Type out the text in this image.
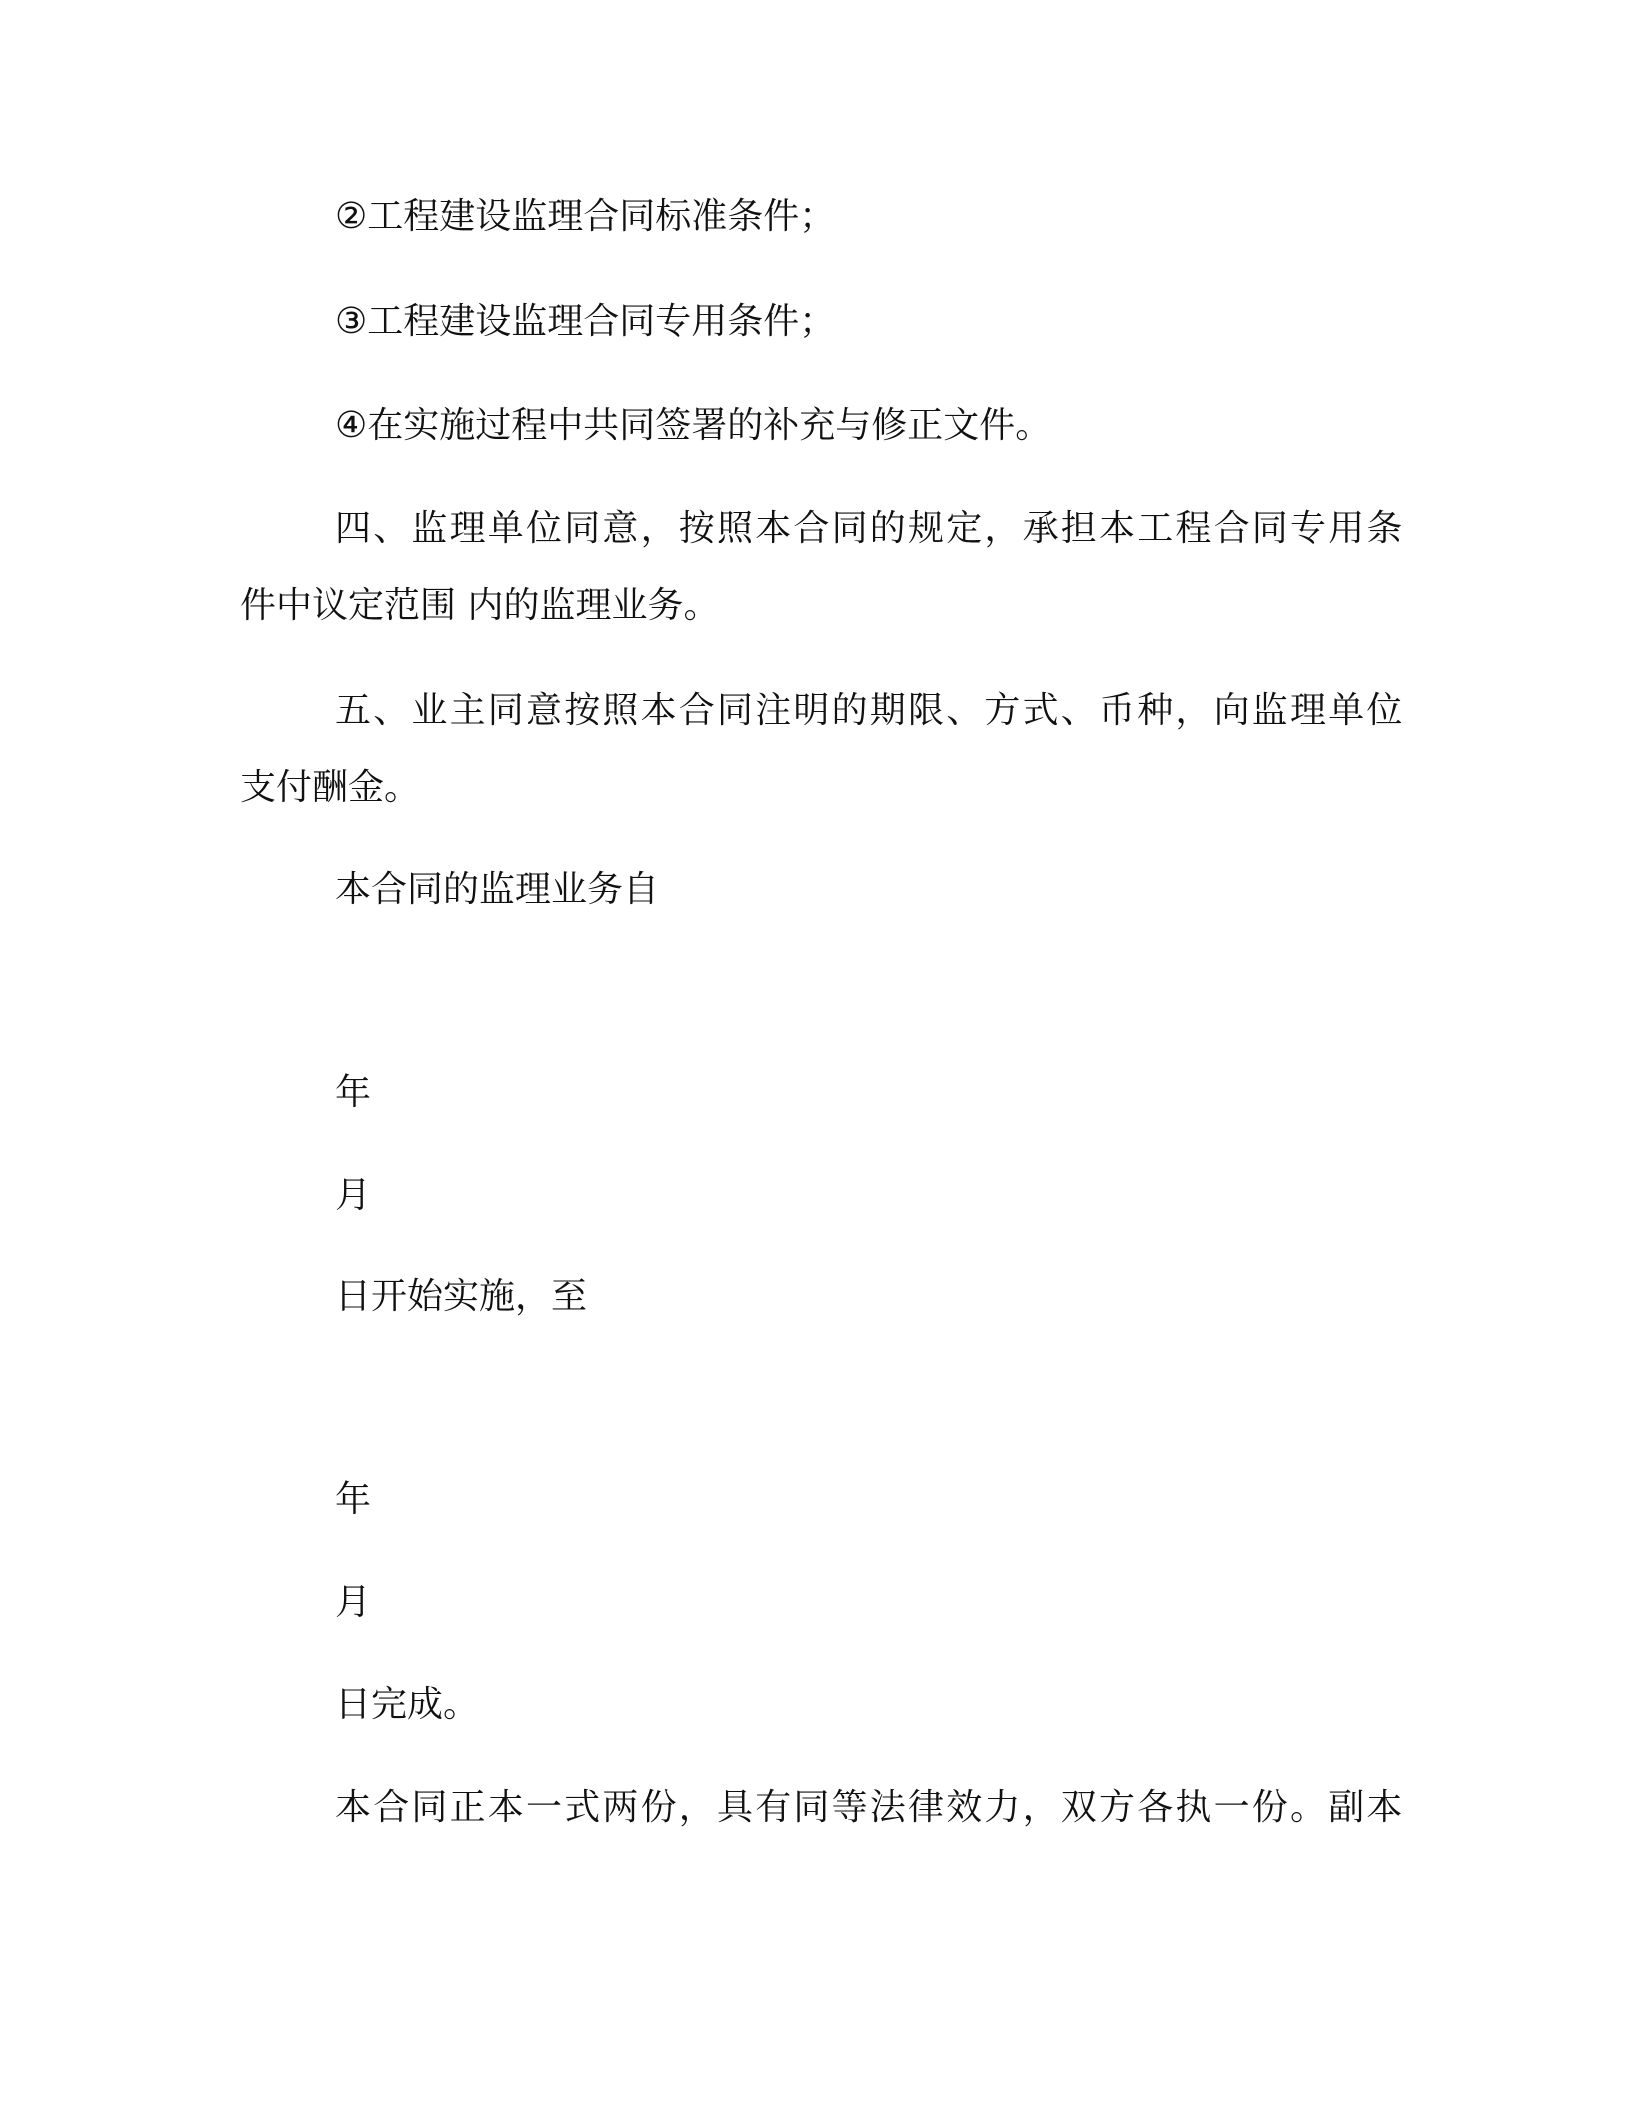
②工程建设监理合同标准条件；
③工程建设监理合同专用条件；
④在实施过程中共同签署的补充与修正文件。
四、监理单位同意，按照本合同的规定，承担本工程合同专用条
件中议定范围 内的监理业务。
五、业主同意按照本合同注明的期限、方式、币种，向监理单位
支付酬金。
本合同的监理业务自
年
月
日开始实施，至
年
月
日完成。
本合同正本一式两份，具有同等法律效力，双方各执一份。副本
